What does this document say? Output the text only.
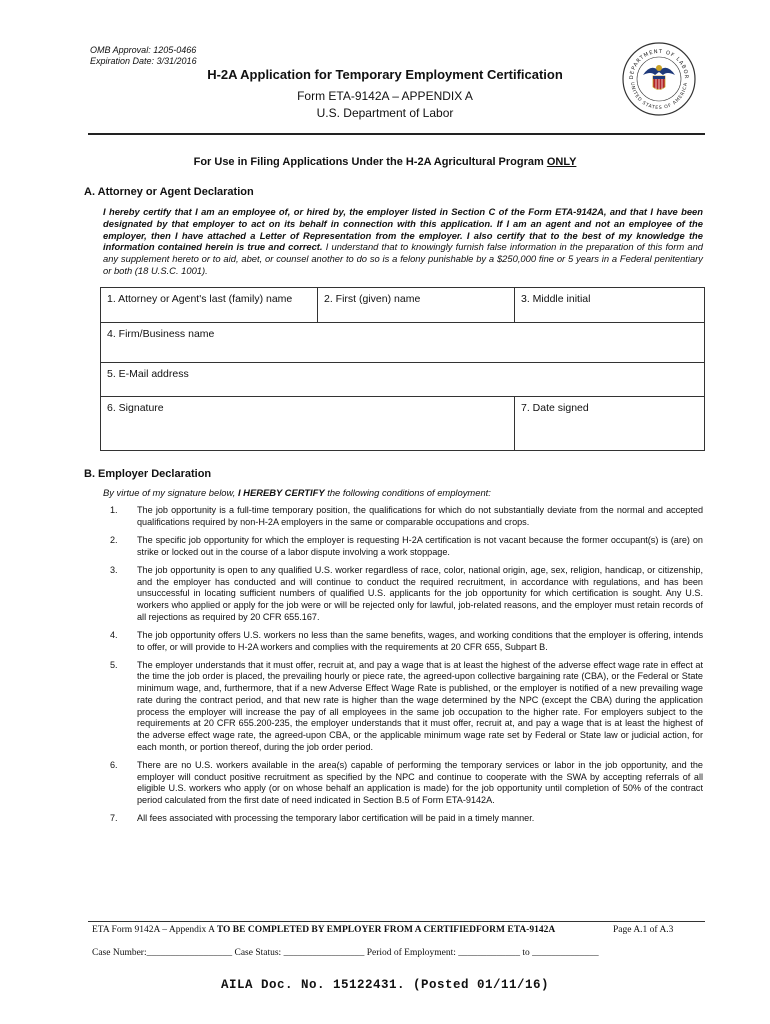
OMB Approval: 1205-0466
Expiration Date: 3/31/2016
H-2A Application for Temporary Employment Certification
Form ETA-9142A – APPENDIX A
U.S. Department of Labor
DEPARTMENT OF LABOR
UNITED STATES OF AMERICA
For Use in Filing Applications Under the H-2A Agricultural Program ONLY
A. Attorney or Agent Declaration
I hereby certify that I am an employee of, or hired by, the employer listed in Section C of the Form ETA-9142A, and that I have been designated by that employer to act on its behalf in connection with this application. If I am an agent and not an employee of the employer, then I have attached a Letter of Representation from the employer. I also certify that to the best of my knowledge the information contained herein is true and correct. I understand that to knowingly furnish false information in the preparation of this form and any supplement hereto or to aid, abet, or counsel another to do so is a felony punishable by a $250,000 fine or 5 years in a Federal penitentiary or both (18 U.S.C. 1001).
1. Attorney or Agent's last (family) name	2. First (given) name	3. Middle initial
4. Firm/Business name		
5. E-Mail address		
6. Signature		7. Date signed
B. Employer Declaration
By virtue of my signature below, I HEREBY CERTIFY the following conditions of employment:
1.	The job opportunity is a full-time temporary position, the qualifications for which do not substantially deviate from the normal and accepted qualifications required by non-H-2A employers in the same or comparable occupations and crops.
2.	The specific job opportunity for which the employer is requesting H-2A certification is not vacant because the former occupant(s) is (are) on strike or locked out in the course of a labor dispute involving a work stoppage.
3.	The job opportunity is open to any qualified U.S. worker regardless of race, color, national origin, age, sex, religion, handicap, or citizenship, and the employer has conducted and will continue to conduct the required recruitment, in accordance with regulations, and has been unsuccessful in locating sufficient numbers of qualified U.S. applicants for the job opportunity for which certification is sought. Any U.S. workers who applied or apply for the job were or will be rejected only for lawful, job-related reasons, and the employer must retain records of all rejections as required by 20 CFR 655.167.
4.	The job opportunity offers U.S. workers no less than the same benefits, wages, and working conditions that the employer is offering, intends to offer, or will provide to H-2A workers and complies with the requirements at 20 CFR 655, Subpart B.
5.	The employer understands that it must offer, recruit at, and pay a wage that is at least the highest of the adverse effect wage rate in effect at the time the job order is placed, the prevailing hourly or piece rate, the agreed-upon collective bargaining rate (CBA), or the Federal or State minimum wage, and, furthermore, that if a new Adverse Effect Wage Rate is published, or the employer is notified of a new prevailing wage rate during the contract period, and that new rate is higher than the wage determined by the NPC (except the CBA) during the application process the employer will increase the pay of all employees in the same job occupation to the higher rate. For employers subject to the requirements at 20 CFR 655.200-235, the employer understands that it must offer, recruit at, and pay a wage that is at least the highest of the adverse effect wage rate, the agreed-upon CBA, or the applicable minimum wage rate set by Federal or State law or judicial action, for each month, or portion thereof, during the job order period.
6.	There are no U.S. workers available in the area(s) capable of performing the temporary services or labor in the job opportunity, and the employer will conduct positive recruitment as specified by the NPC and continue to cooperate with the SWA by accepting referrals of all eligible U.S. workers who apply (or on whose behalf an application is made) for the job opportunity until completion of 50% of the contract period calculated from the first date of need indicated in Section B.5 of Form ETA-9142A.
7.	All fees associated with processing the temporary labor certification will be paid in a timely manner.
ETA Form 9142A – Appendix A TO BE COMPLETED BY EMPLOYER FROM A CERTIFIEDFORM ETA-9142A	Page A.1 of A.3
Case Number:__________________ Case Status: _________________ Period of Employment: _____________ to ______________
AILA Doc. No. 15122431. (Posted 01/11/16)
